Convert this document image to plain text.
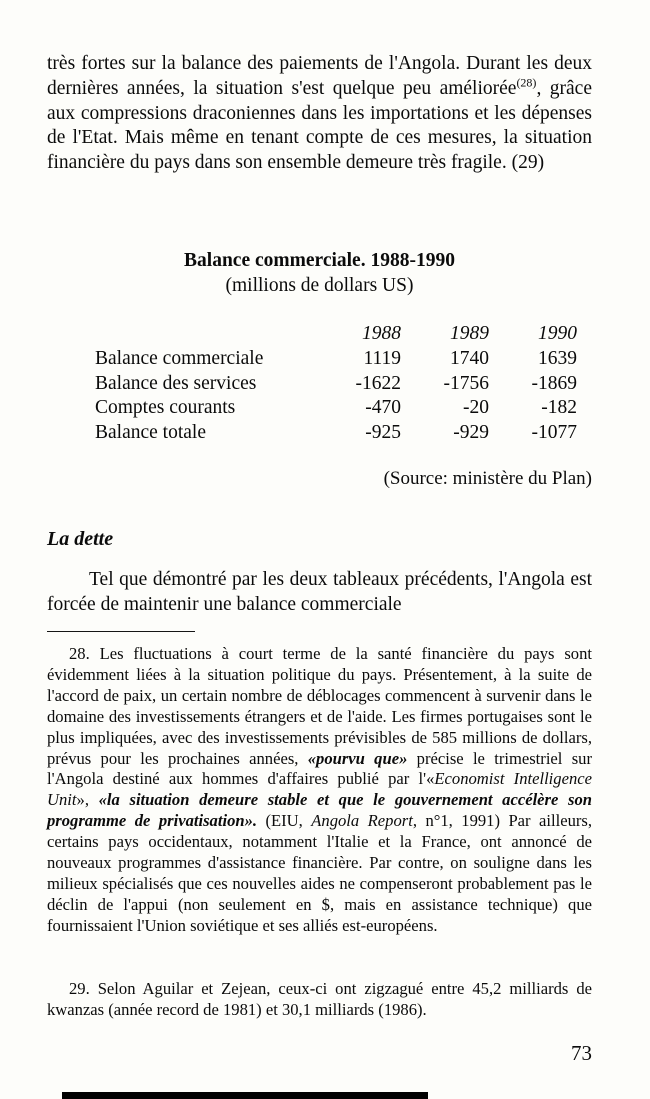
très fortes sur la balance des paiements de l'Angola. Durant les deux dernières années, la situation s'est quelque peu améliorée$^{(28)}$, grâce aux compressions draconiennes dans les importations et les dépenses de l'Etat. Mais même en tenant compte de ces mesures, la situation financière du pays dans son ensemble demeure très fragile. (29)

Balance commerciale. 1988-1990
(millions de dollars US)
	1988	1989	1990
Balance commerciale	1119	1740	1639
Balance des services	-1622	-1756	-1869
Comptes courants	-470	-20	-182
Balance totale	-925	-929	-1077
(Source: ministère du Plan)
La dette

Tel que démontré par les deux tableaux précédents, l'Angola est forcée de maintenir une balance commerciale

28. Les fluctuations à court terme de la santé financière du pays sont évidemment liées à la situation politique du pays. Présentement, à la suite de l'accord de paix, un certain nombre de déblocages commencent à survenir dans le domaine des investissements étrangers et de l'aide. Les firmes portugaises sont le plus impliquées, avec des investissements prévisibles de 585 millions de dollars, prévus pour les prochaines années, «pourvu que» précise le trimestriel sur l'Angola destiné aux hommes d'affaires publié par l'«Economist Intelligence Unit», «la situation demeure stable et que le gouvernement accélère son programme de privatisation». (EIU, Angola Report, n°1, 1991) Par ailleurs, certains pays occidentaux, notamment l'Italie et la France, ont annoncé de nouveaux programmes d'assistance financière. Par contre, on souligne dans les milieux spécialisés que ces nouvelles aides ne compenseront probablement pas le déclin de l'appui (non seulement en $, mais en assistance technique) que fournissaient l'Union soviétique et ses alliés est-européens.

29. Selon Aguilar et Zejean, ceux-ci ont zigzagué entre 45,2 milliards de kwanzas (année record de 1981) et 30,1 milliards (1986).

73
